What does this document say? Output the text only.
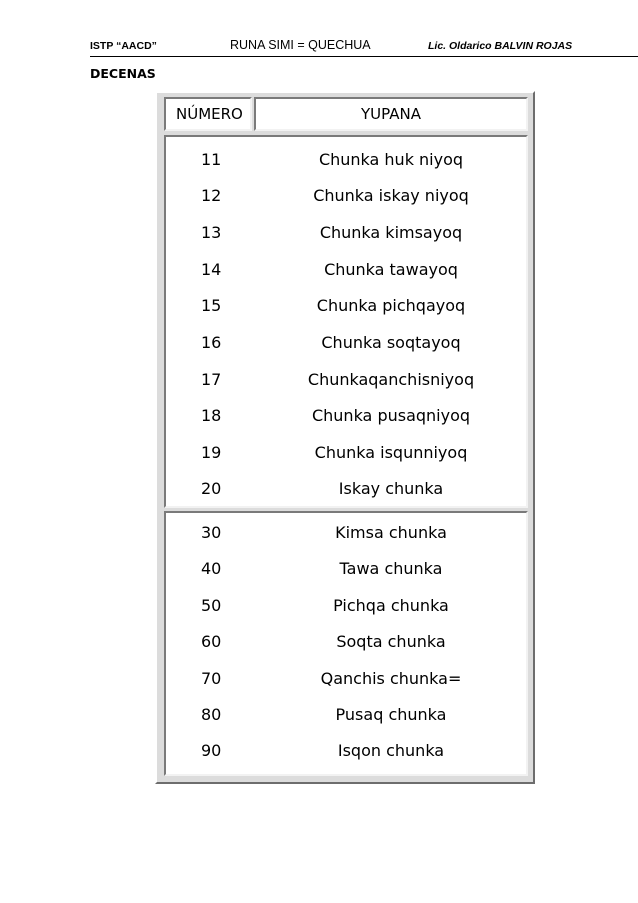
ISTP “AACD”	RUNA SIMI = QUECHUA	Lic. Oldarico BALVIN ROJAS
DECENAS
NÚMERO	YUPANA
11	Chunka huk niyoq
12	Chunka iskay niyoq
13	Chunka kimsayoq
14	Chunka tawayoq
15	Chunka pichqayoq
16	Chunka soqtayoq
17	Chunkaqanchisniyoq
18	Chunka pusaqniyoq
19	Chunka isqunniyoq
20	Iskay chunka
30	Kimsa chunka
40	Tawa chunka
50	Pichqa chunka
60	Soqta chunka
70	Qanchis chunka=
80	Pusaq chunka
90	Isqon chunka
